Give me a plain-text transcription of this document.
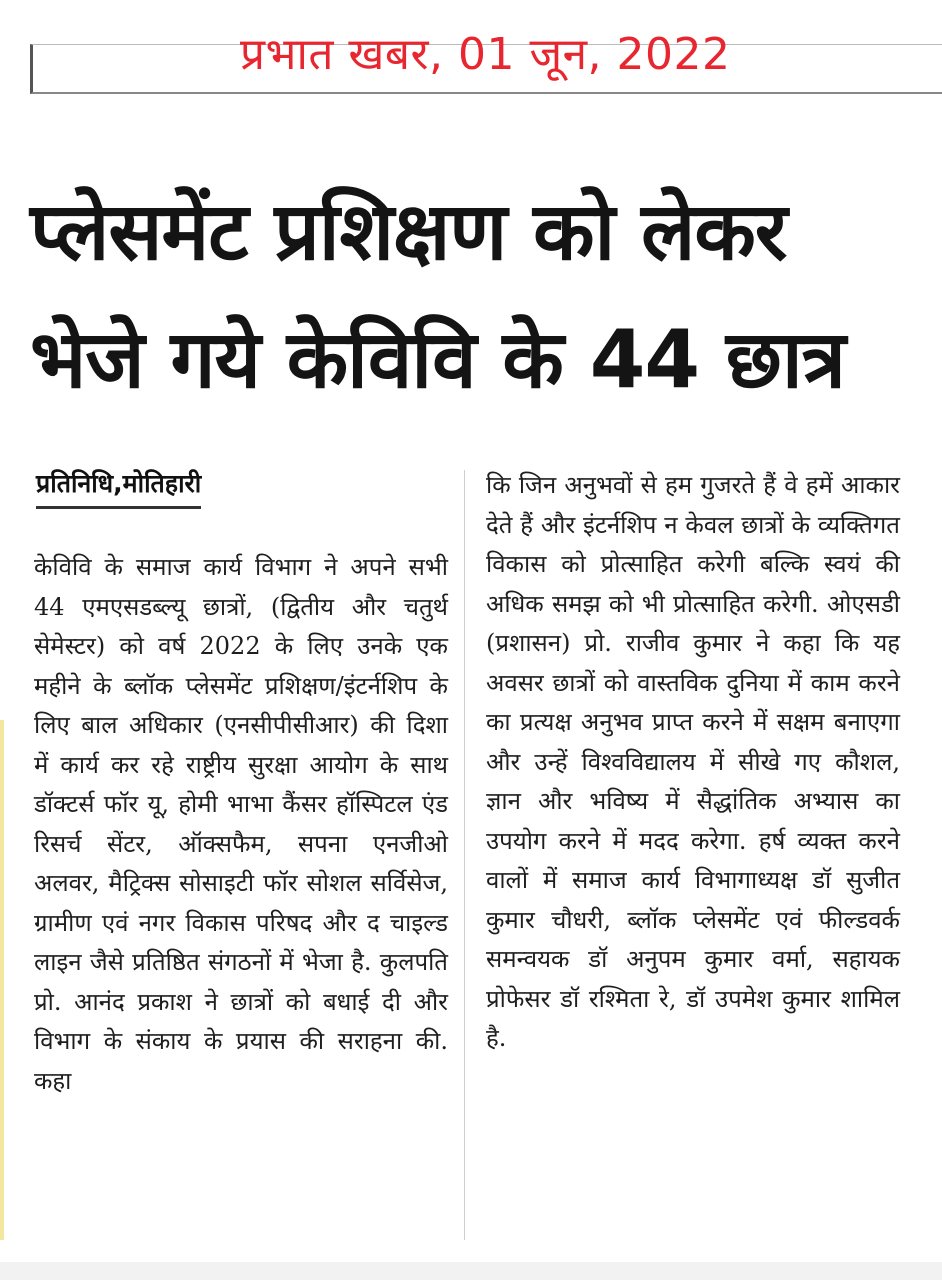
प्रभात खबर, 01 जून, 2022
प्लेसमेंट प्रशिक्षण को लेकर
भेजे गये केविवि के 44 छात्र
प्रतिनिधि,मोतिहारी

केविवि के समाज कार्य विभाग ने अपने सभी 44 एमएसडब्ल्यू छात्रों, (द्वितीय और चतुर्थ सेमेस्टर) को वर्ष 2022 के लिए उनके एक महीने के ब्लॉक प्लेसमेंट प्रशिक्षण/इंटर्नशिप के लिए बाल अधिकार (एनसीपीसीआर) की दिशा में कार्य कर रहे राष्ट्रीय सुरक्षा आयोग के साथ डॉक्टर्स फॉर यू, होमी भाभा कैंसर हॉस्पिटल एंड रिसर्च सेंटर, ऑक्सफैम, सपना एनजीओ अलवर, मैट्रिक्स सोसाइटी फॉर सोशल सर्विसेज, ग्रामीण एवं नगर विकास परिषद और द चाइल्ड लाइन जैसे प्रतिष्ठित संगठनों में भेजा है. कुलपति प्रो. आनंद प्रकाश ने छात्रों को बधाई दी और विभाग के संकाय के प्रयास की सराहना की. कहा

कि जिन अनुभवों से हम गुजरते हैं वे हमें आकार देते हैं और इंटर्नशिप न केवल छात्रों के व्यक्तिगत विकास को प्रोत्साहित करेगी बल्कि स्वयं की अधिक समझ को भी प्रोत्साहित करेगी. ओएसडी (प्रशासन) प्रो. राजीव कुमार ने कहा कि यह अवसर छात्रों को वास्तविक दुनिया में काम करने का प्रत्यक्ष अनुभव प्राप्त करने में सक्षम बनाएगा और उन्हें विश्वविद्यालय में सीखे गए कौशल, ज्ञान और भविष्य में सैद्धांतिक अभ्यास का उपयोग करने में मदद करेगा. हर्ष व्यक्त करने वालों में समाज कार्य विभागाध्यक्ष डॉ सुजीत कुमार चौधरी, ब्लॉक प्लेसमेंट एवं फील्डवर्क समन्वयक डॉ अनुपम कुमार वर्मा, सहायक प्रोफेसर डॉ रश्मिता रे, डॉ उपमेश कुमार शामिल है.
